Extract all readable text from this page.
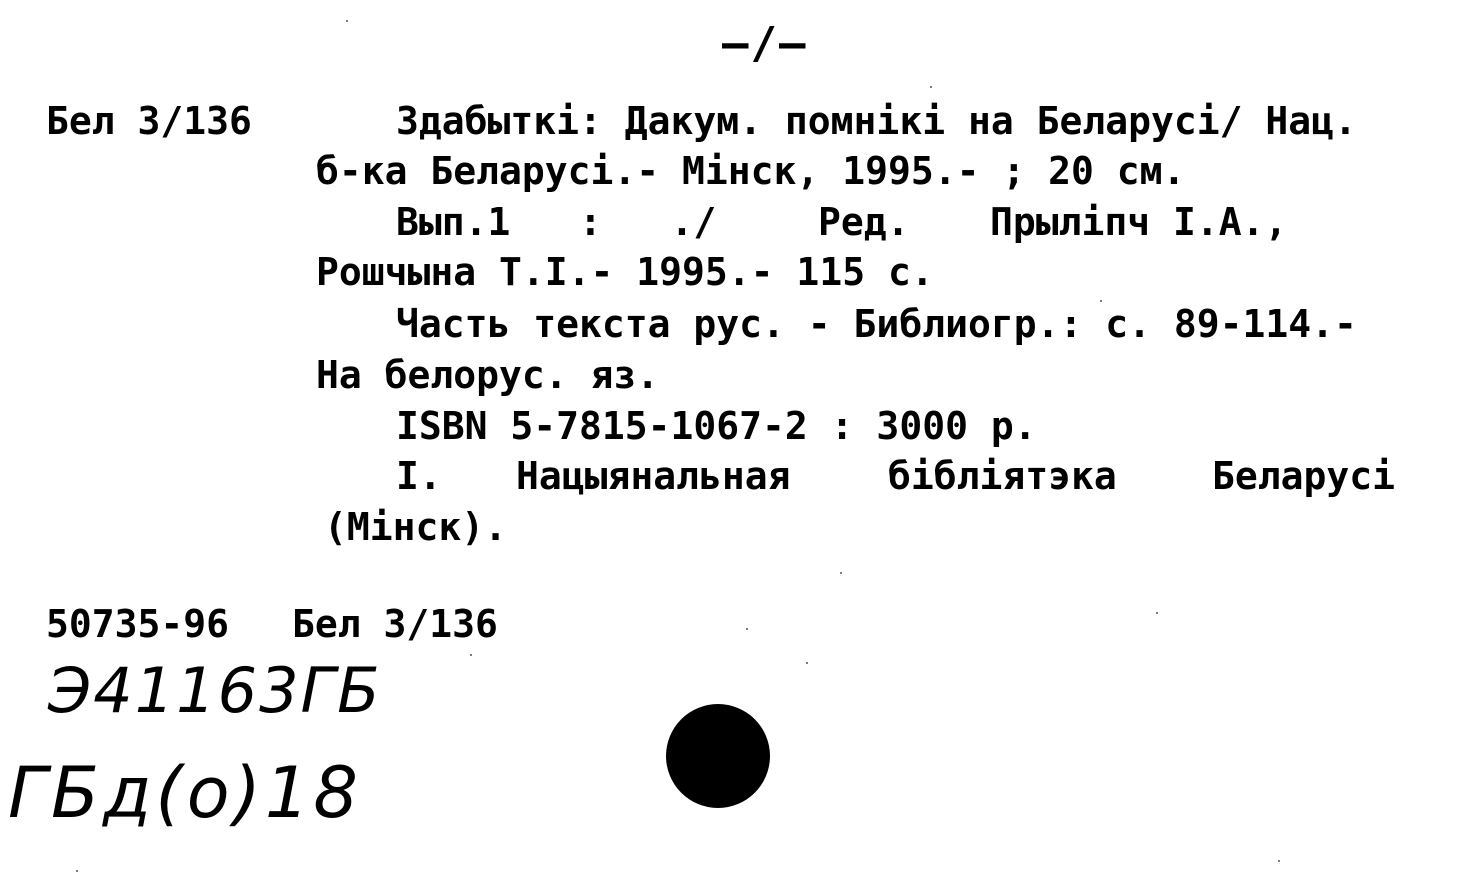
—/—
Бел 3/136	Здабыткі: Дакум. помнікі на Беларусі/ Нац.
б-ка Беларусі.- Мінск, 1995.- ; 20 см.
Вып.1   :   ./	Ред. Прыліпч I.A.,
Рошчына Т.І.- 1995.- 115 с.
Часть текста рус. - Библиогр.: с. 89-114.-
На белорус. яз.
ISBN 5-7815-1067-2 : 3000 р.
I. Нацыянальная	бібліятэка	Беларусі
(Мінск).
50735-96 Бел 3/136
Э41163ГБ
ГБд(о)18
